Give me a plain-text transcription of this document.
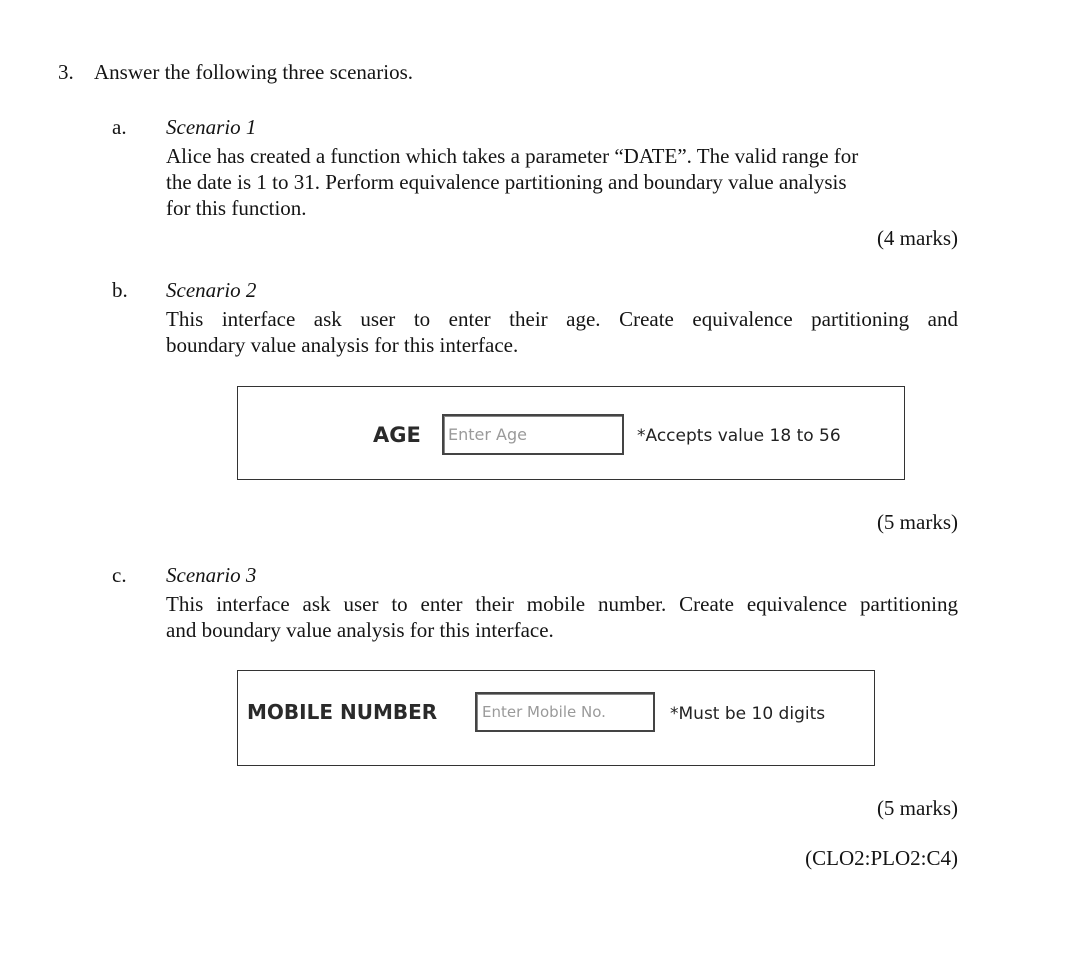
3. Answer the following three scenarios.
a. Scenario 1
Alice has created a function which takes a parameter “DATE”. The valid range for
the date is 1 to 31. Perform equivalence partitioning and boundary value analysis
for this function.
(4 marks)
b. Scenario 2
This interface ask user to enter their age. Create equivalence partitioning and
boundary value analysis for this interface.
AGE
Enter Age	*Accepts value 18 to 56
(5 marks)
c. Scenario 3
This interface ask user to enter their mobile number. Create equivalence partitioning
and boundary value analysis for this interface.
MOBILE NUMBER
Enter Mobile No.	*Must be 10 digits
(5 marks)
(CLO2:PLO2:C4)
